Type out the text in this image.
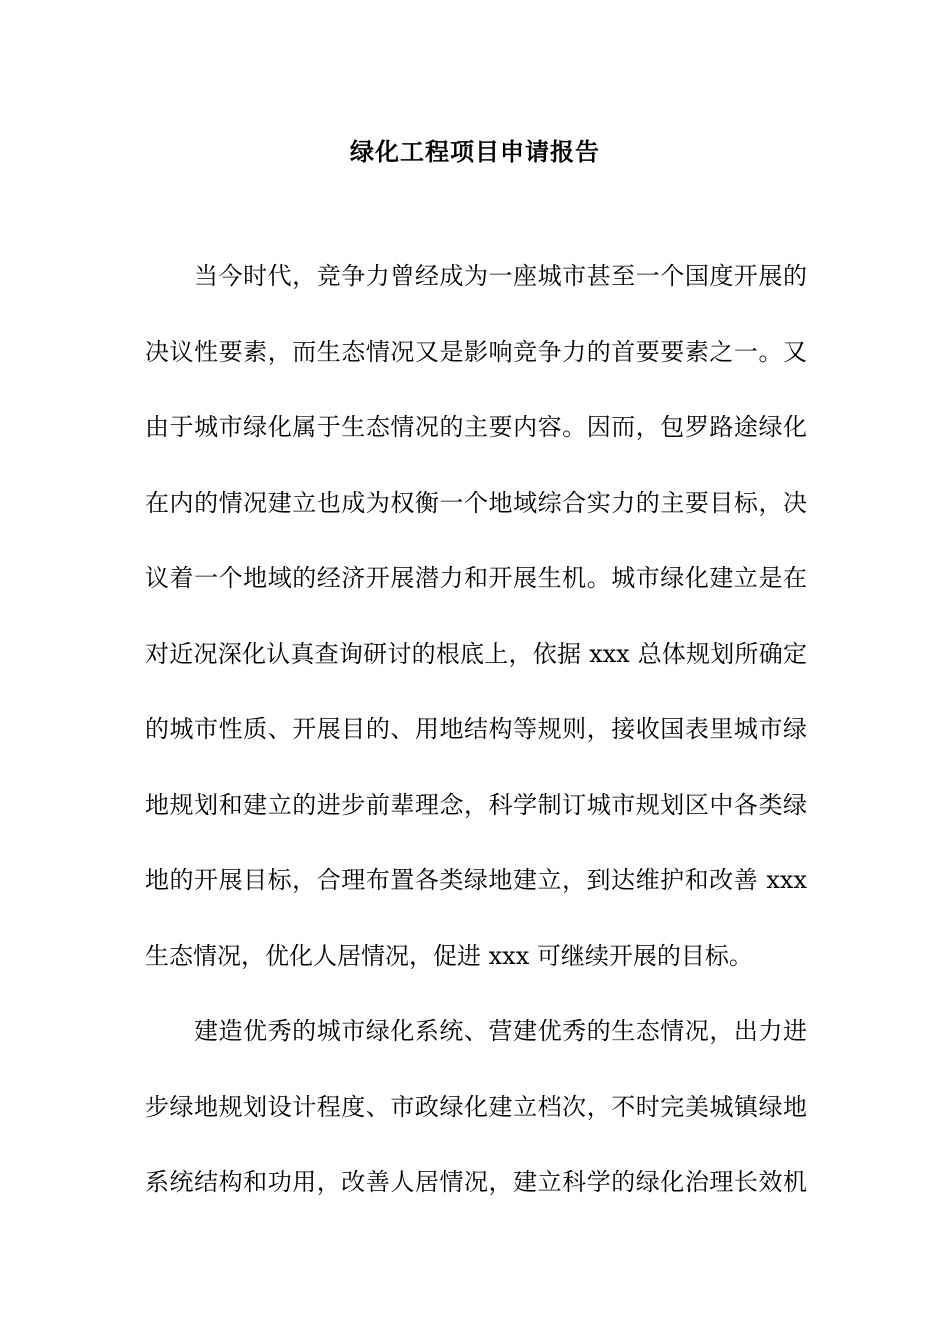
绿化工程项目申请报告
当今时代，竞争力曾经成为一座城市甚至一个国度开展的
决议性要素，而生态情况又是影响竞争力的首要要素之一。又
由于城市绿化属于生态情况的主要内容。因而，包罗路途绿化
在内的情况建立也成为权衡一个地域综合实力的主要目标，决
议着一个地域的经济开展潜力和开展生机。城市绿化建立是在
对近况深化认真查询研讨的根底上，依据 xxx 总体规划所确定
的城市性质、开展目的、用地结构等规则，接收国表里城市绿
地规划和建立的进步前辈理念，科学制订城市规划区中各类绿
地的开展目标，合理布置各类绿地建立，到达维护和改善 xxx
生态情况，优化人居情况，促进 xxx 可继续开展的目标。
建造优秀的城市绿化系统、营建优秀的生态情况，出力进
步绿地规划设计程度、市政绿化建立档次，不时完美城镇绿地
系统结构和功用，改善人居情况，建立科学的绿化治理长效机
